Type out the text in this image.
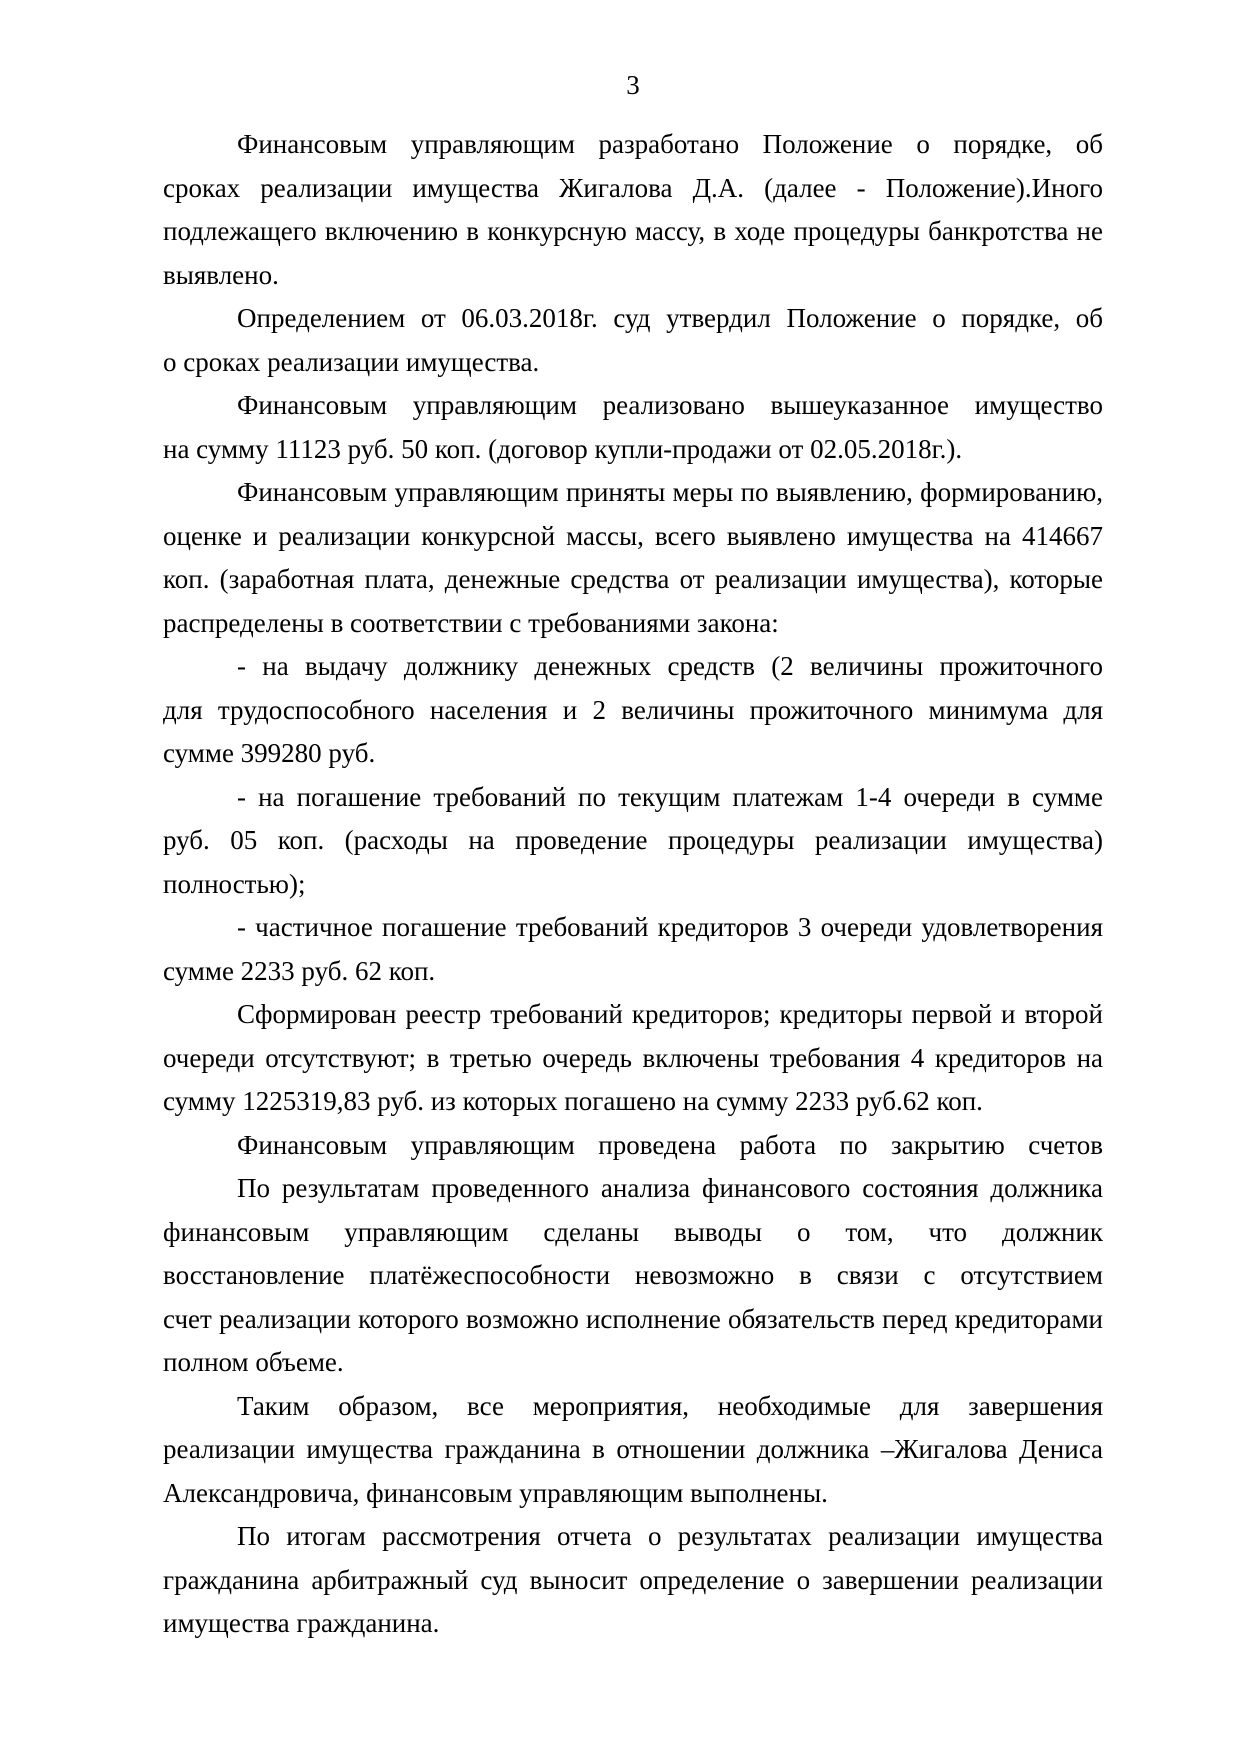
3
Финансовым управляющим разработано Положение о порядке, об
сроках реализации имущества Жигалова Д.А. (далее - Положение).Иного
подлежащего включению в конкурсную массу, в ходе процедуры банкротства не
выявлено.
Определением от 06.03.2018г. суд утвердил Положение о порядке, об
о сроках реализации имущества.
Финансовым управляющим реализовано вышеуказанное имущество
на сумму 11123 руб. 50 коп. (договор купли-продажи от 02.05.2018г.).
Финансовым управляющим приняты меры по выявлению, формированию,
оценке и реализации конкурсной массы, всего выявлено имущества на 414667
коп. (заработная плата, денежные средства от реализации имущества), которые
распределены в соответствии с требованиями закона:
- на выдачу должнику денежных средств (2 величины прожиточного
для трудоспособного населения и 2 величины прожиточного минимума для
сумме 399280 руб.
- на погашение требований по текущим платежам 1-4 очереди в сумме
руб. 05 коп. (расходы на проведение процедуры реализации имущества)
полностью);
- частичное погашение требований кредиторов 3 очереди удовлетворения
сумме 2233 руб. 62 коп.
Сформирован реестр требований кредиторов; кредиторы первой и второй
очереди отсутствуют; в третью очередь включены требования 4 кредиторов на
сумму 1225319,83 руб. из которых погашено на сумму 2233 руб.62 коп.
Финансовым управляющим проведена работа по закрытию счетов
По результатам проведенного анализа финансового состояния должника
финансовым управляющим сделаны выводы о том, что должник
восстановление платёжеспособности невозможно в связи с отсутствием
счет реализации которого возможно исполнение обязательств перед кредиторами
полном объеме.
Таким образом, все мероприятия, необходимые для завершения
реализации имущества гражданина в отношении должника –Жигалова Дениса
Александровича, финансовым управляющим выполнены.
По итогам рассмотрения отчета о результатах реализации имущества
гражданина арбитражный суд выносит определение о завершении реализации
имущества гражданина.
